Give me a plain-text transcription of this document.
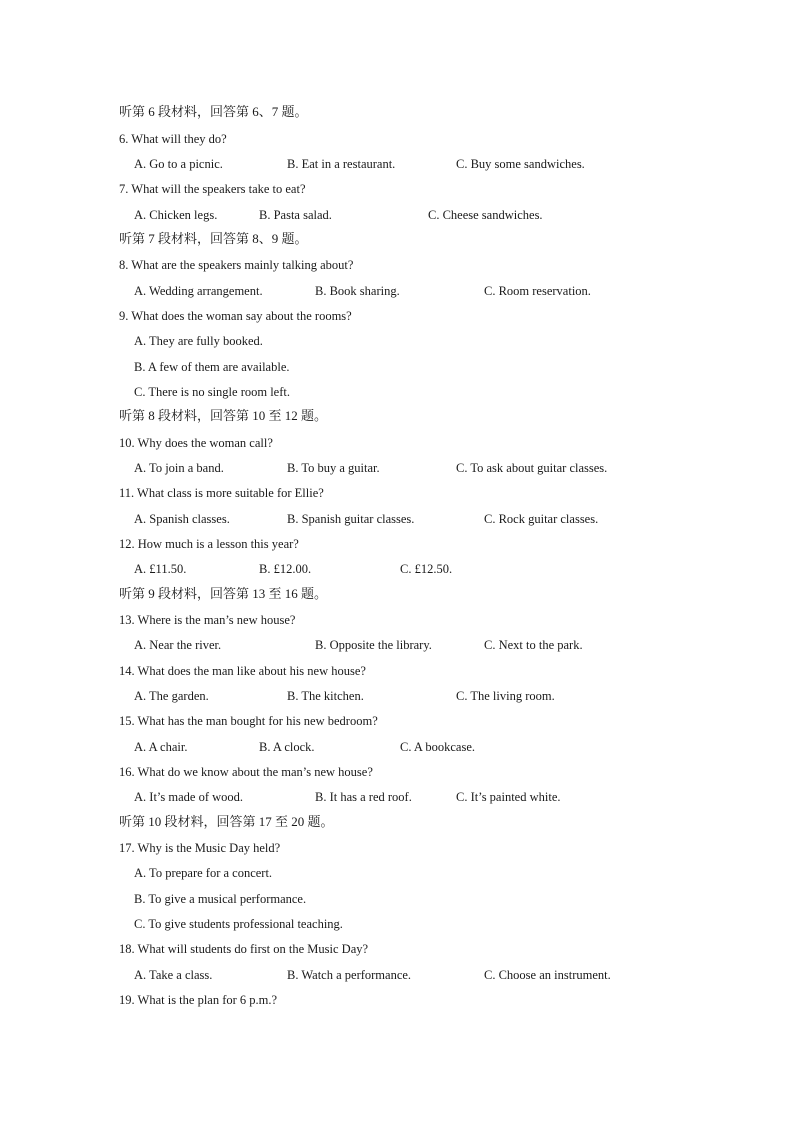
听第 6 段材料，回答第 6、7 题。
6. What will they do?
A. Go to a picnic.	B. Eat in a restaurant.	C. Buy some sandwiches.
7. What will the speakers take to eat?
A. Chicken legs.	B. Pasta salad.	C. Cheese sandwiches.
听第 7 段材料，回答第 8、9 题。
8. What are the speakers mainly talking about?
A. Wedding arrangement.	B. Book sharing.	C. Room reservation.
9. What does the woman say about the rooms?
A. They are fully booked.
B. A few of them are available.
C. There is no single room left.
听第 8 段材料，回答第 10 至 12 题。
10. Why does the woman call?
A. To join a band.	B. To buy a guitar.	C. To ask about guitar classes.
11. What class is more suitable for Ellie?
A. Spanish classes.	B. Spanish guitar classes.	C. Rock guitar classes.
12. How much is a lesson this year?
A. £11.50.	B. £12.00.	C. £12.50.
听第 9 段材料，回答第 13 至 16 题。
13. Where is the man’s new house?
A. Near the river.	B. Opposite the library.	C. Next to the park.
14. What does the man like about his new house?
A. The garden.	B. The kitchen.	C. The living room.
15. What has the man bought for his new bedroom?
A. A chair.	B. A clock.	C. A bookcase.
16. What do we know about the man’s new house?
A. It’s made of wood.	B. It has a red roof.	C. It’s painted white.
听第 10 段材料，回答第 17 至 20 题。
17. Why is the Music Day held?
A. To prepare for a concert.
B. To give a musical performance.
C. To give students professional teaching.
18. What will students do first on the Music Day?
A. Take a class.	B. Watch a performance.	C. Choose an instrument.
19. What is the plan for 6 p.m.?
